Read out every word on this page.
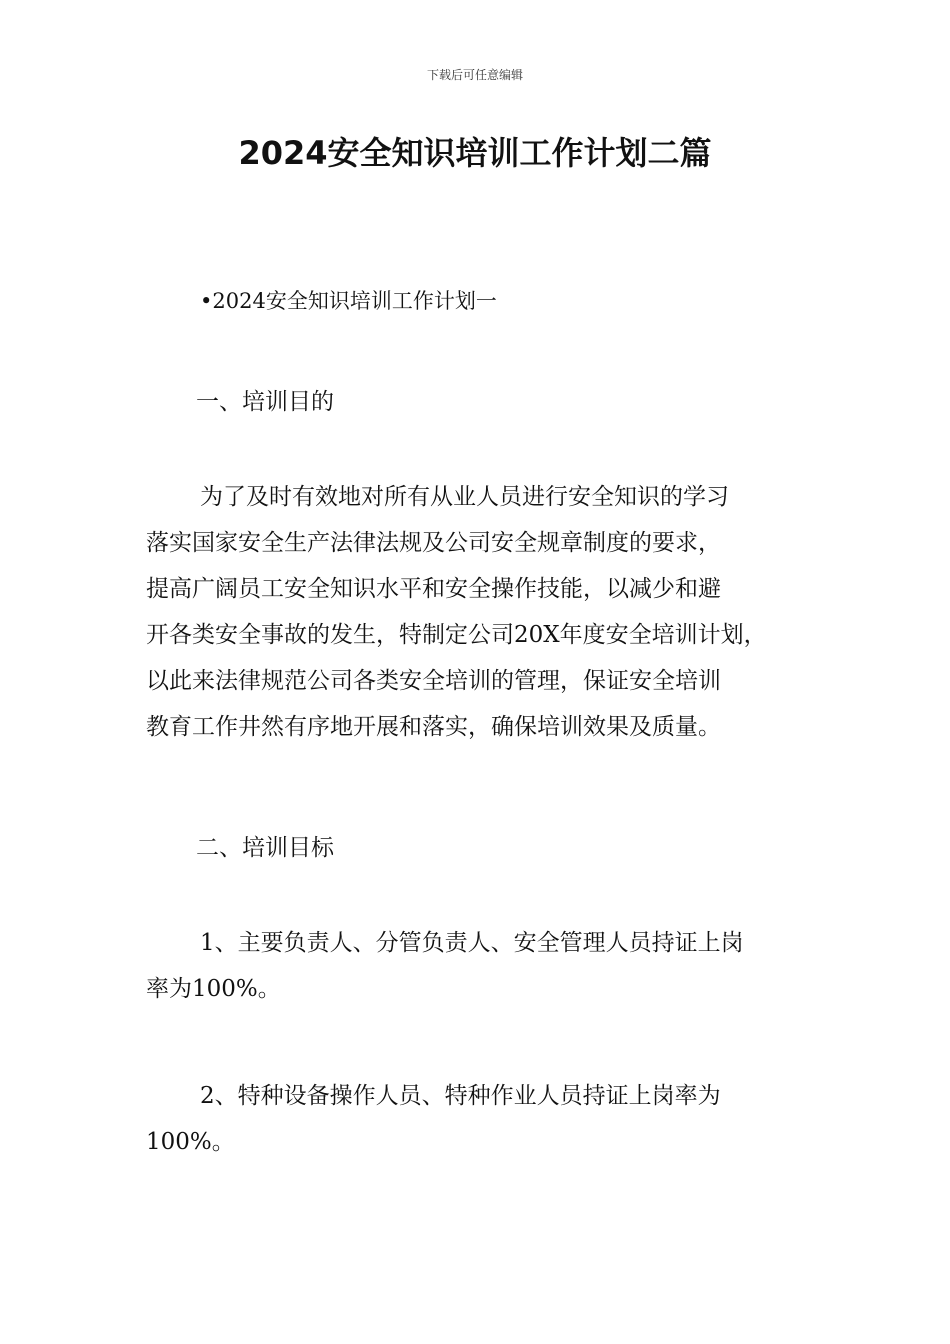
下载后可任意编辑
2024安全知识培训工作计划二篇
•2024安全知识培训工作计划一
一、培训目的
为了及时有效地对所有从业人员进行安全知识的学习
落实国家安全生产法律法规及公司安全规章制度的要求，
提高广阔员工安全知识水平和安全操作技能，以减少和避
开各类安全事故的发生，特制定公司20X年度安全培训计划，
以此来法律规范公司各类安全培训的管理，保证安全培训
教育工作井然有序地开展和落实，确保培训效果及质量。
二、培训目标
1、主要负责人、分管负责人、安全管理人员持证上岗
率为100%。
2、特种设备操作人员、特种作业人员持证上岗率为
100%。
